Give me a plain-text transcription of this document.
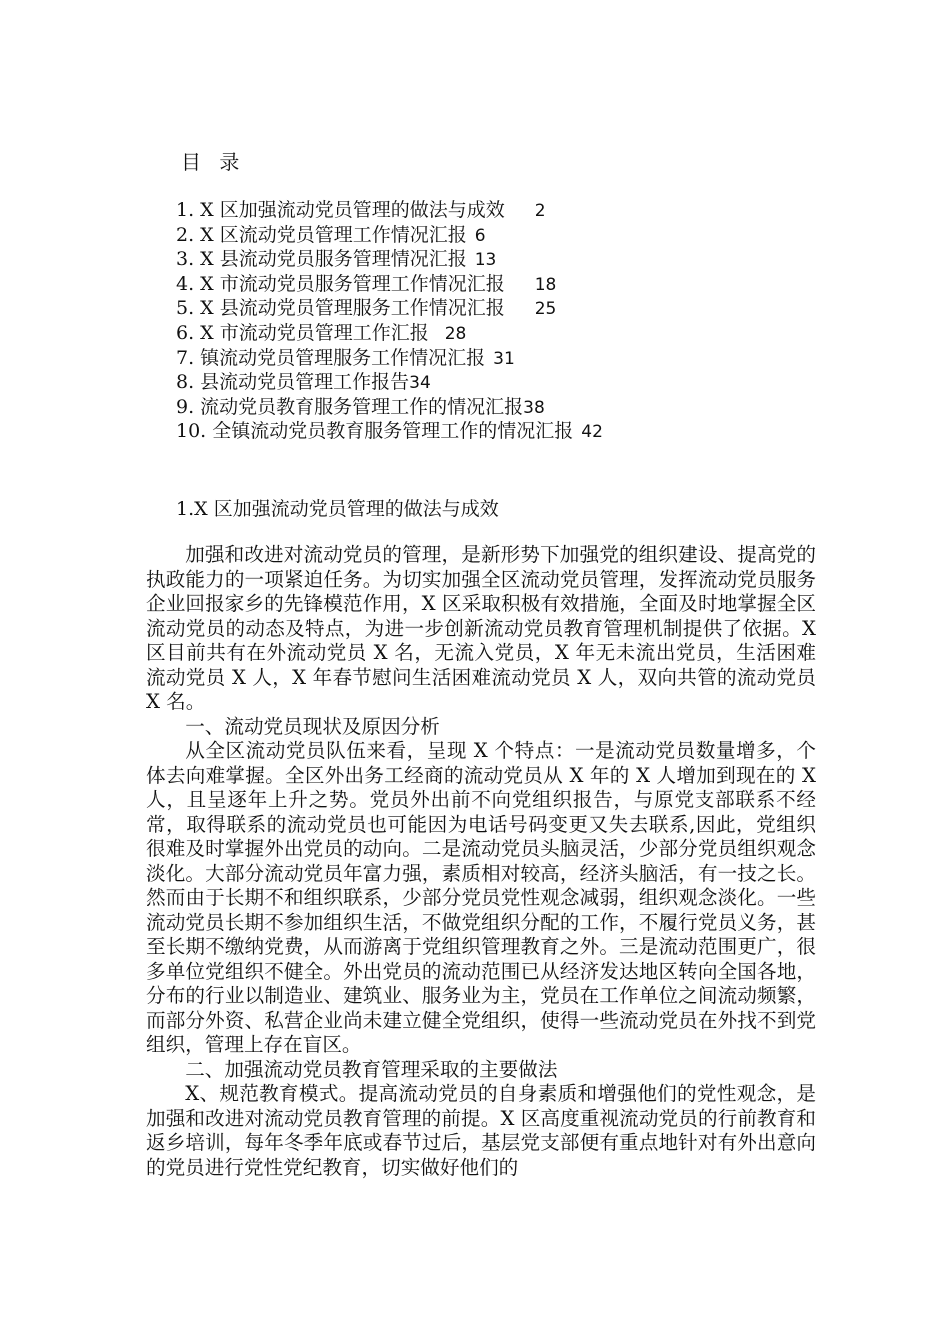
目 录
1. X 区加强流动党员管理的做法与成效 2
2. X 区流动党员管理工作情况汇报 6
3. X 县流动党员服务管理情况汇报 13
4. X 市流动党员服务管理工作情况汇报 18
5. X 县流动党员管理服务工作情况汇报 25
6. X 市流动党员管理工作汇报 28
7. 镇流动党员管理服务工作情况汇报 31
8. 县流动党员管理工作报告34
9. 流动党员教育服务管理工作的情况汇报38
10. 全镇流动党员教育服务管理工作的情况汇报 42
1.X 区加强流动党员管理的做法与成效

加强和改进对流动党员的管理，是新形势下加强党的组织建设、提高党的执政能力的一项紧迫任务。为切实加强全区流动党员管理，发挥流动党员服务企业回报家乡的先锋模范作用，X 区采取积极有效措施，全面及时地掌握全区流动党员的动态及特点，为进一步创新流动党员教育管理机制提供了依据。X 区目前共有在外流动党员 X 名，无流入党员，X 年无未流出党员，生活困难流动党员 X 人，X 年春节慰问生活困难流动党员 X 人，双向共管的流动党员 X 名。

一、流动党员现状及原因分析

从全区流动党员队伍来看，呈现 X 个特点：一是流动党员数量增多，个体去向难掌握。全区外出务工经商的流动党员从 X 年的 X 人增加到现在的 X 人，且呈逐年上升之势。党员外出前不向党组织报告，与原党支部联系不经常，取得联系的流动党员也可能因为电话号码变更又失去联系,因此，党组织很难及时掌握外出党员的动向。二是流动党员头脑灵活，少部分党员组织观念淡化。大部分流动党员年富力强，素质相对较高，经济头脑活，有一技之长。然而由于长期不和组织联系，少部分党员党性观念减弱，组织观念淡化。一些流动党员长期不参加组织生活，不做党组织分配的工作，不履行党员义务，甚至长期不缴纳党费，从而游离于党组织管理教育之外。三是流动范围更广，很多单位党组织不健全。外出党员的流动范围已从经济发达地区转向全国各地，分布的行业以制造业、建筑业、服务业为主，党员在工作单位之间流动频繁，而部分外资、私营企业尚未建立健全党组织，使得一些流动党员在外找不到党组织，管理上存在盲区。

二、加强流动党员教育管理采取的主要做法

X、规范教育模式。提高流动党员的自身素质和增强他们的党性观念，是加强和改进对流动党员教育管理的前提。X 区高度重视流动党员的行前教育和返乡培训，每年冬季年底或春节过后，基层党支部便有重点地针对有外出意向的党员进行党性党纪教育，切实做好他们的
